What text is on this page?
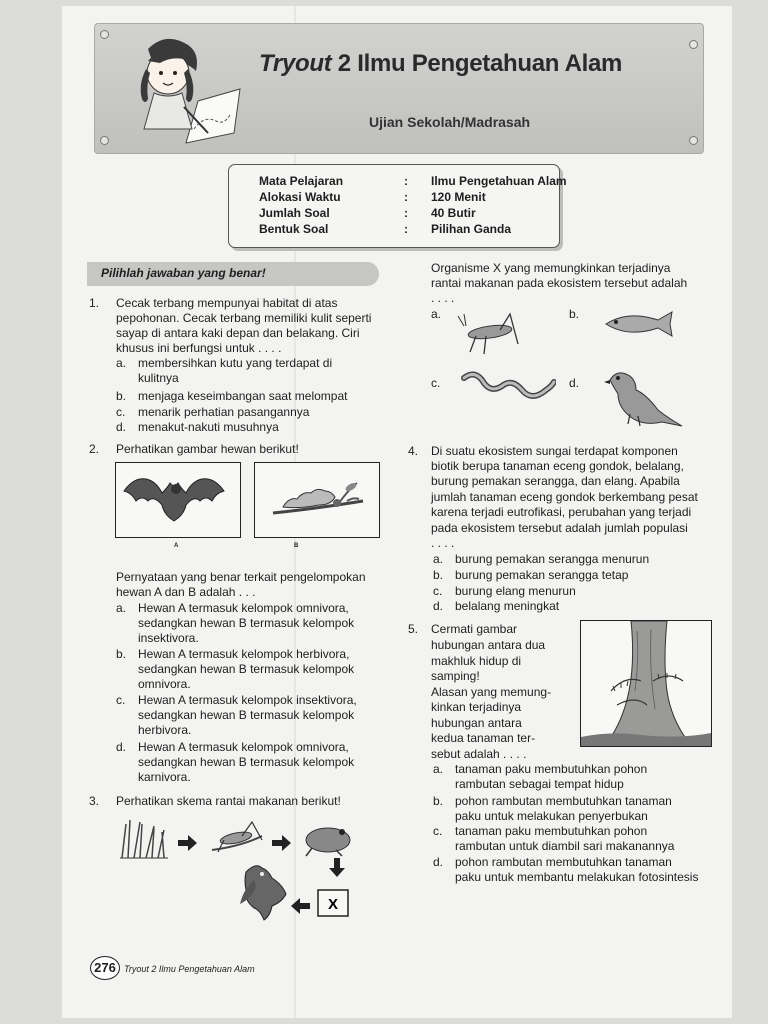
Tryout 2 Ilmu Pengetahuan Alam
Ujian Sekolah/Madrasah
Mata Pelajaran	: Ilmu Pengetahuan Alam
Alokasi Waktu	: 120 Menit
Jumlah Soal	: 40 Butir
Bentuk Soal	: Pilihan Ganda
Pilihlah jawaban yang benar!
1. Cecak terbang mempunyai habitat di atas
pepohonan. Cecak terbang memiliki kulit seperti
sayap di antara kaki depan dan belakang. Ciri
khusus ini berfungsi untuk . . . .
a. membersihkan kutu yang terdapat di
kulitnya
b. menjaga keseimbangan saat melompat
c. menarik perhatian pasangannya
d. menakut-nakuti musuhnya
2. Perhatikan gambar hewan berikut!
A	B
Pernyataan yang benar terkait pengelompokan
hewan A dan B adalah . . .
a. Hewan A termasuk kelompok omnivora,
sedangkan hewan B termasuk kelompok
insektivora.
b. Hewan A termasuk kelompok herbivora,
sedangkan hewan B termasuk kelompok
omnivora.
c. Hewan A termasuk kelompok insektivora,
sedangkan hewan B termasuk kelompok
herbivora.
d. Hewan A termasuk kelompok omnivora,
sedangkan hewan B termasuk kelompok
karnivora.
3. Perhatikan skema rantai makanan berikut!
X
Organisme X yang memungkinkan terjadinya
rantai makanan pada ekosistem tersebut adalah
. . . .
a.	b.
c.	d.
4. Di suatu ekosistem sungai terdapat komponen
biotik berupa tanaman eceng gondok, belalang,
burung pemakan serangga, dan elang. Apabila
jumlah tanaman eceng gondok berkembang pesat
karena terjadi eutrofikasi, perubahan yang terjadi
pada ekosistem tersebut adalah jumlah populasi
. . . .
a. burung pemakan serangga menurun
b. burung pemakan serangga tetap
c. burung elang menurun
d. belalang meningkat
5. Cermati gambar
hubungan antara dua
makhluk hidup di
samping!
Alasan yang memung-
kinkan terjadinya
hubungan antara
kedua tanaman ter-
sebut adalah . . . .
a. tanaman paku membutuhkan pohon
rambutan sebagai tempat hidup
b. pohon rambutan membutuhkan tanaman
paku untuk melakukan penyerbukan
c. tanaman paku membutuhkan pohon
rambutan untuk diambil sari makanannya
d. pohon rambutan membutuhkan tanaman
paku untuk membantu melakukan fotosintesis
276 Tryout 2 Ilmu Pengetahuan Alam
